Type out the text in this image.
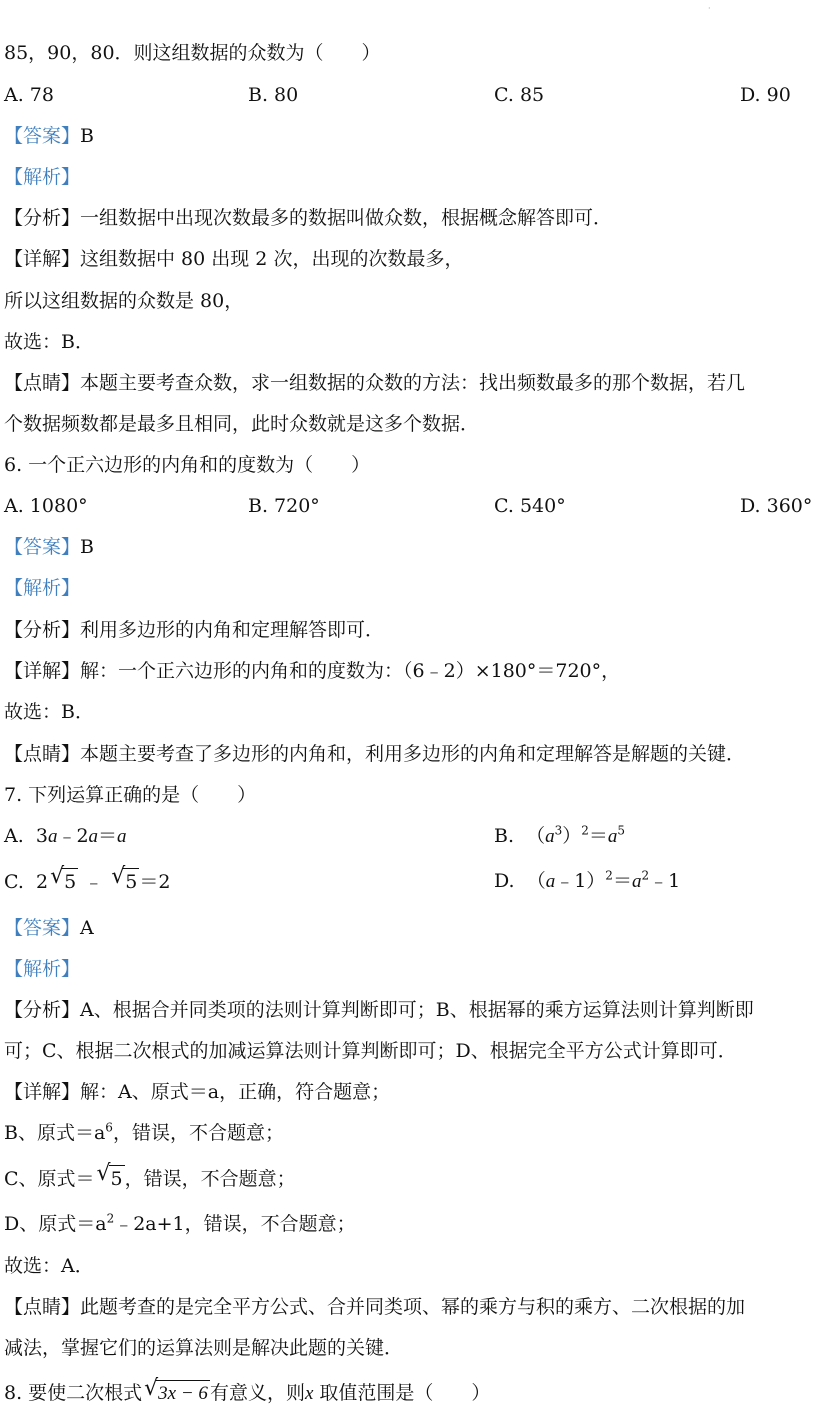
·
85，90，80．则这组数据的众数为（　　）
A. 78	B. 80	C. 85	D. 90
【答案】B
【解析】
【分析】一组数据中出现次数最多的数据叫做众数，根据概念解答即可．
【详解】这组数据中 80 出现 2 次，出现的次数最多，
所以这组数据的众数是 80，
故选：B．
【点睛】本题主要考查众数，求一组数据的众数的方法：找出频数最多的那个数据，若几
个数据频数都是最多且相同，此时众数就是这多个数据．
6. 一个正六边形的内角和的度数为（　　）
A. 1080°	B. 720°	C. 540°	D. 360°
【答案】B
【解析】
【分析】利用多边形的内角和定理解答即可．
【详解】解：一个正六边形的内角和的度数为：（6﹣2）×180°＝720°，
故选：B．
【点睛】本题主要考查了多边形的内角和，利用多边形的内角和定理解答是解题的关键．
7. 下列运算正确的是（　　）
A.  3a﹣2a＝a	B.  $(a^3)^2=a^5$
C.  2 √ 5 ﹣ √ 5 ＝2	D.  $(a﹣1)^2=a^2﹣1$
【答案】A
【解析】
【分析】A、根据合并同类项的法则计算判断即可；B、根据幂的乘方运算法则计算判断即
可；C、根据二次根式的加减运算法则计算判断即可；D、根据完全平方公式计算即可．
【详解】解：A、原式＝a，正确，符合题意；
B、原式$=a^6$，错误，不合题意；
C、原式＝ √ 5 ，错误，不合题意；
D、原式$=a^2﹣2a+1$，错误，不合题意；
故选：A．
【点睛】此题考查的是完全平方公式、合并同类项、幂的乘方与积的乘方、二次根据的加
减法，掌握它们的运算法则是解决此题的关键．
8. 要使二次根式 √ 3x − 6 有意义，则x 取值范围是（　　）
